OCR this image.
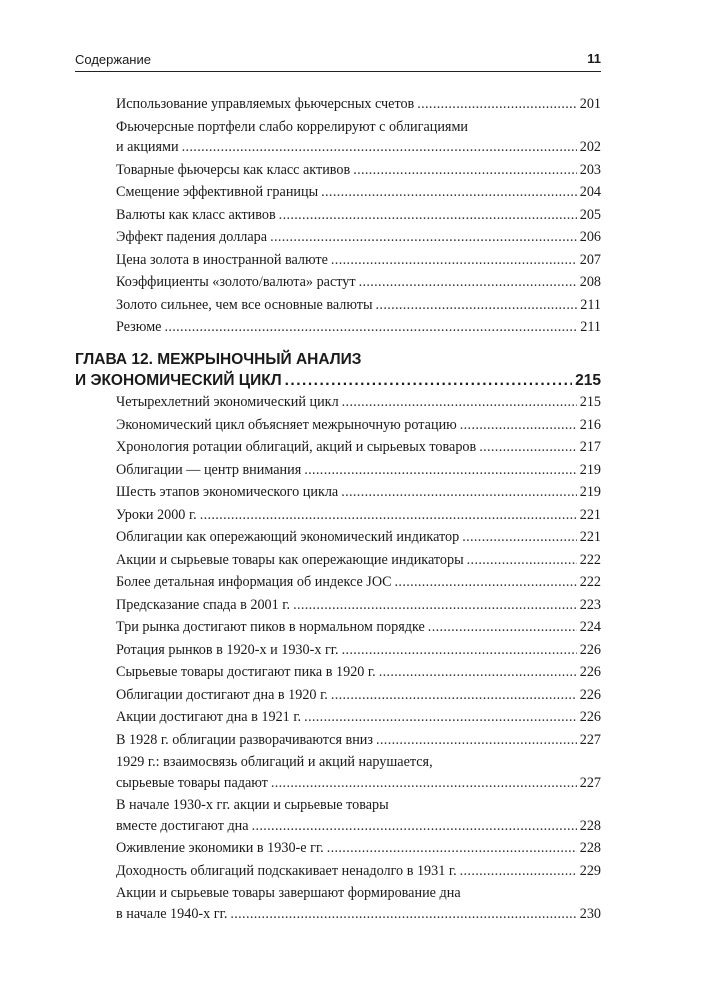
Содержание	11
Использование управляемых фьючерсных счетов . . .	201
Фьючерсные портфели слабо коррелируют с облигациями
и акциями . . .	202
Товарные фьючерсы как класс активов . . .	203
Смещение эффективной границы . . .	204
Валюты как класс активов . . .	205
Эффект падения доллара . . .	206
Цена золота в иностранной валюте . . .	207
Коэффициенты «золото/валюта» растут . . .	208
Золото сильнее, чем все основные валюты . . .	211
Резюме . . .	211
ГЛАВА 12. МЕЖРЫНОЧНЫЙ АНАЛИЗ
И ЭКОНОМИЧЕСКИЙ ЦИКЛ . . .	215
Четырехлетний экономический цикл . . .	215
Экономический цикл объясняет межрыночную ротацию . . .	216
Хронология ротации облигаций, акций и сырьевых товаров . . .	217
Облигации — центр внимания . . .	219
Шесть этапов экономического цикла . . .	219
Уроки 2000 г. . . .	221
Облигации как опережающий экономический индикатор . . .	221
Акции и сырьевые товары как опережающие индикаторы . . .	222
Более детальная информация об индексе JOC . . .	222
Предсказание спада в 2001 г. . . .	223
Три рынка достигают пиков в нормальном порядке . . .	224
Ротация рынков в 1920-х и 1930-х гг. . . .	226
Сырьевые товары достигают пика в 1920 г. . . .	226
Облигации достигают дна в 1920 г. . . .	226
Акции достигают дна в 1921 г. . . .	226
В 1928 г. облигации разворачиваются вниз . . .	227
1929 г.: взаимосвязь облигаций и акций нарушается,
сырьевые товары падают . . .	227
В начале 1930-х гг. акции и сырьевые товары
вместе достигают дна . . .	228
Оживление экономики в 1930-е гг. . . .	228
Доходность облигаций подскакивает ненадолго в 1931 г. . . .	229
Акции и сырьевые товары завершают формирование дна
в начале 1940-х гг. . . .	230
